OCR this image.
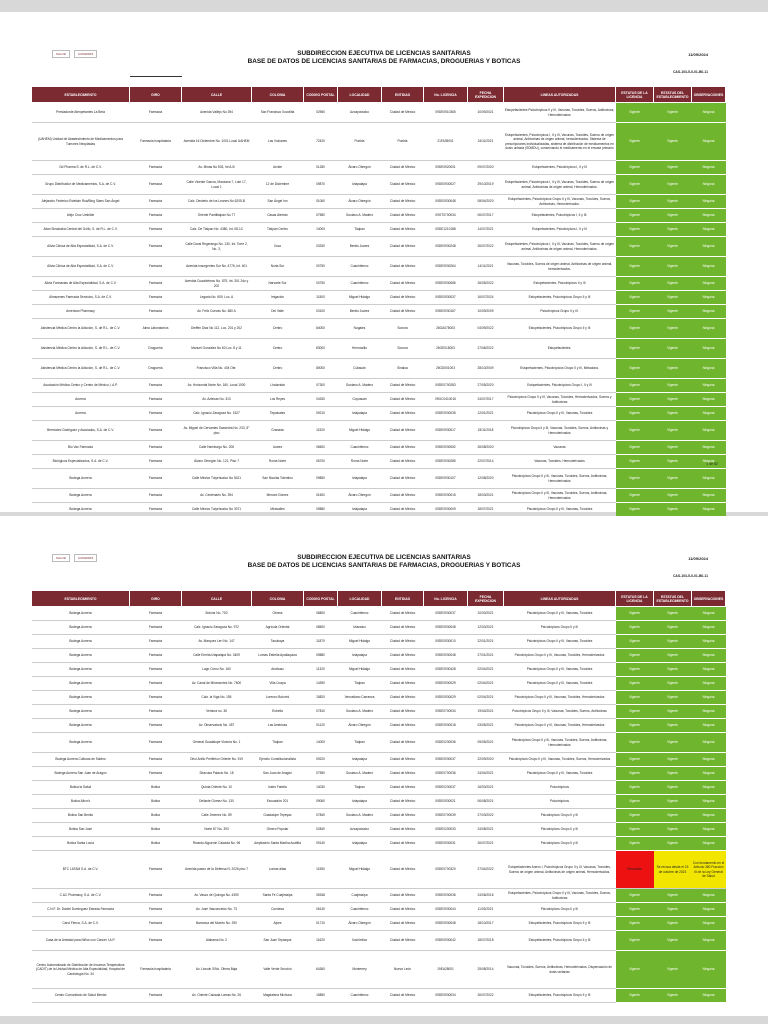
SALUD	COFEPRIS	SUBDIRECCION EJECUTIVA DE LICENCIAS SANITARIAS
BASE DE DATOS DE LICENCIAS SANITARIAS DE FARMACIAS, DROGUERIAS Y BOTICAS
11/09/2024
CAS-103-5-0-01-B0-11
ESTABLECIMIENTO	GIRO	CALLE	COLONIA	CODIGO POSTAL	LOCALIDAD	ENTIDAD	No. LICENCIA	FECHA EXPEDICION	LINEAS AUTORIZADAS	ESTATUS DE LA LICENCIA	ESTATUS DEL ESTABLECIMIENTO	OBSERVACIONES
Prestadorde Atenpetantes La Beta	Farmacia	Avenida Vallejo No 394	San Francisco Xocotitla	02960	Azcapotzalco	Ciudad de México	09DE0910365	10/09/2021	Estupefacientes Psicotrópicos II y III, Vacunas, Toxoides, Sueros, Antitoxinas, Hemoderivados	Vigente	Vigente	Ninguna
(UAHEM) Unidad de Abastecimiento de Medicamentos para Tumores Neoplasias	Farmacia hospitalaria	Avenida 16 Diciembre No. 1001 Local UAHEM	Las Vulcanes	72420	Puebla	Puebla	21FA35001	24/11/2021	Estupefacientes, Psicotrópicos I, II y III, Vacunas, Toxoides, Sueros de origen animal, Antitoxinas de origen animal, hemoderivados. Sistema de prescripciones individualizadas, sistema de distribución de medicamentos en dosis unitaria (SDMDU), conservando el medicamento en el envase primario	Vigente	Vigente	Ninguna
Gd Pharma S. de R.L. de C.V.	Farmacia	Av. Minas No 503, Int A-B	Arvide	01280	Álvaro Obregón	Ciudad de México	09DE0920001	09/07/2020	Estupefacientes, Psicotrópicos I, II y III	Vigente	Vigente	Ninguna
Grupo Distribuidor de Medicamentos, S.A. de C.V.	Farmacia	Calle Vicente García, Manzana 7, Lote 17, Local 1	12 de Diciembre	09870	Iztapalapa	Ciudad de México	09DE0930027	29/10/2019	Estupefacientes, Psicotrópicos I, II y III, Vacunas, Toxoides, Sueros de origen animal, Antitoxinas de origen animal, Hemoderivados.	Vigente	Vigente	Ninguna
Alejandro Federico Estebán Rua/Bing Siaes San Ángel	Farmacia	Calz. Desierto de los Leones No 6205-B	San Ángel Inn	01060	Álvaro Obregón	Ciudad de México	09DE0930048	08/04/2020	Estupefacientes, Psicotrópicos Grupo II y III, Vacunas, Toxoides, Sueros, Antitoxinas, Hemoderivados.	Vigente	Vigente	Ninguna
Alejo Cruz Umbilde	Farmacia	Oriente Pantitlalpan No 77	Casas Alemán	07580	Gustavo A. Madero	Ciudad de México	09GT0700034	06/07/2017	Estupefacientes, Psicotrópicos I, II y III.	Vigente	Vigente	Ninguna
Alian Sinaloaba Central del Golfo, S. de R.L. de C.V.	Farmacia	Calz. De Tlalpan No. 4380, Int. 08-1C	Tlalpán Centro	14000	Tlalpan	Ciudad de México	09DE1210188	14/07/2021	Estupefacientes, Psicotrópicos I, II y III	Vigente	Vigente	Ninguna
Alivia Clinica de Alta Especialidad, S.A. de C.V.	Farmacia	Calle Doral Regerango No. 130, Int. Torre 2, No. 3,	Xoco	03330	Benito Juárez	Ciudad de México	09DE0930248	26/07/2022	Estupefacientes, Psicotrópicos I, II y III, Vacunas, Toxoides, Sueros de origen animal, Antitoxinas de origen animal, Hemoderivados.	Vigente	Vigente	Ninguna
Alivia Clinica de Alta Especialidad, S.A. de C.V.	Farmacia	Avenida Insurgentes Sur No. 4776, Int. 401	Noria Sur	00750	Cuauhtémoc	Ciudad de México	09DE0930264	14/11/2021	Vacunas, Toxoides, Sueros de origen animal, Antitoxinas de origen animal, hemoderivados.	Vigente	Vigente	Ninguna
Alivia Farmacias de Alta Especialidad, S.A. de C.V.	Farmacia	Avenida Cuauhtémoc No. 875, Int. 301 2do y 202	Narvarte Sur	00750	Cuauhtémoc	Ciudad de México	09DE0930086	26/05/2022	Estupefacientes, Psicotrópicos II y III	Vigente	Vigente	Ninguna
Almacenes Farmacia Servicios, S.A. de C.V.	Farmacia	Legaria No. 609, Loc. A	Irrigación	11500	Miguel Hidalgo	Ciudad de México	09DE0930037	16/07/2024	Estupefacientes, Psicotrópicos Grupo II y III	Vigente	Vigente	Ninguna
American Pharmacy	Farmacia	Av. Felix Cuevas No. 680 A	Del Valle	03100	Benito Juárez	Ciudad de México	09DE0930167	10/09/2009	Psicotrópicos Grupo II y III.	Vigente	Vigente	Ninguna
Asistencia Médica Centro la Adicción, S. de R.L. de C.V.	Alma Laboratorios	Dieffen Diaz No 112, Loc. 201 y 202	Centro	84000	Nogales	Sonora	26GA078003	04/09/2022	Estupefacientes, Psicotrópicos Grupo II y III	Vigente	Vigente	Ninguna
Asistencia Médica Centro la Adicción, S. de R.L. de C.V.	Droguería	Manuel González No 60 Loc. 8 y 11	Centro	83000	Hermosillo	Sonora	26GE018003	27/06/2022	Estupefacientes.	Vigente	Vigente	Ninguna
Asistencia Médica Centro la Adicción, S. de R.L. de C.V.	Droguería	Francisco Villa No. 404 Ote.	Centro	80000	Culiacán	Sinaloa	25GD001003	28/10/2009	Estupefacientes, Psicotrópicos Grupo II y III, Metadona.	Vigente	Vigente	Ninguna
Asociación Médica Centro y Centro de México, I.A.P.	Farmacia	Av. Horizontal Norte No. 160, Local 1000	Lindavista	07300	Gustavo A. Madero	Ciudad de México	09DE0700283	27/05/2020	Estupefacientes, Psicotrópicos Grupo I, II y III	Vigente	Vigente	Ninguna
Aurrera	Farmacia	Av. Aztecas No. 313	Los Reyes	04330	Coyoacán	Ciudad de México	09GC0410016	24/07/2017	Psicotrópicos Grupo II y III, Vacunas, Toxoides, Hemoderivados, Sueros y Antitoxinas	Vigente	Vigente	Ninguna
Aurrera	Farmacia	Calz. Ignacio Zaragoza No. 1527	Tepalcates	09210	Iztapalapa	Ciudad de México	09DE0930035	12/01/2021	Psicotrópicos Grupo II y III, Vacunas, Toxoides	Vigente	Vigente	Ninguna
Bermúdez Dodriguez y Asociados, S.A. de C.V.	Farmacia	Av. Miguel de Cervantes Saavedra No. 233, 5° piso	Granada	11520	Miguel Hidalgo	Ciudad de México	09DE0930017	15/11/2018	Psicotrópicos Grupo II y III, Vacunas, Toxoides, Sueros, Antitoxinas y Hemoderivados	Vigente	Vigente	Ninguna
Bio Vac Farmacia	Farmacia	Calle Hamburgo No. 206	Juárez	06600	Cuauhtémoc	Ciudad de México	09DE0930052	26/08/2020	Vacunas	Vigente	Vigente	Ninguna
Biológicos Especializados, S.A. de C.V.	Farmacia	Álvaro Obregón No. 121, Piso 7	Roma Norte	06700	Roma Norte	Ciudad de México	09DE0930285	22/07/2014	Vacunas, Toxoides, Hemoderivados	Vigente	Vigente	Ninguna
Bodega Aurrera	Farmacia	Calle México Tulyehualco No 5421	San Nicolás Tolentino	09850	Iztapalapa	Ciudad de México	09DE0930107	12/08/2020	Psicotrópicos Grupo II y III, Vacunas, Toxoides, Sueros, Antitoxinas, Hemoderivados	Vigente	Vigente	Ninguna
Bodega Aurrera	Farmacia	Av. Centenario No. 394	Merced Gómez	01600	Álvaro Obregón	Ciudad de México	09DE0930015	18/03/2021	Psicotrópicos Grupo II y III, Vacunas, Toxoides, Sueros, Antitoxinas, Hemoderivados	Vigente	Vigente	Ninguna
Bodega Aurrera	Farmacia	Calle México Tulyehualco No 3071	Miravalles	09880	Iztapalapa	Ciudad de México	09DE0930009	18/07/2021	Psicotrópicos Grupo II y III, Vacunas, Toxoides	Vigente	Vigente	Ninguna

1 de 82
SALUD	COFEPRIS	SUBDIRECCION EJECUTIVA DE LICENCIAS SANITARIAS
BASE DE DATOS DE LICENCIAS SANITARIAS DE FARMACIAS, DROGUERIAS Y BOTICAS
11/09/2024
CAS-103-5-0-01-B0-11
ESTABLECIMIENTO	GIRO	CALLE	COLONIA	CODIGO POSTAL	LOCALIDAD	ENTIDAD	No. LICENCIA	FECHA EXPEDICION	LINEAS AUTORIZADAS	ESTATUS DE LA LICENCIA	ESTATUS DEL ESTABLECIMIENTO	OBSERVACIONES
Bodega Aurrera	Farmacia	Bolívar No. 700	Obrera	06800	Cuauhtémoc	Ciudad de México	09DE0930037	10/03/2021	Psicotrópicos Grupo II y III, Vacunas, Toxoides	Vigente	Vigente	Ninguna
Bodega Aurrera	Farmacia	Calz. Ignacio Zaragoza No. 972	Agrícola Oriental	08500	Iztacalco	Ciudad de México	09DE0930048	12/03/2021	Psicotrópicos Grupo II y III	Vigente	Vigente	Ninguna
Bodega Aurrera	Farmacia	Av. Marquez Lerí No. 147	Tacubaya	11870	Miguel Hidalgo	Ciudad de México	09DE0930010	22/01/2021	Psicotrópicos Grupo II y III, Vacunas, Toxoides	Vigente	Vigente	Ninguna
Bodega Aurrera	Farmacia	Calle Ermita Iztapalapa No. 3409	Lomas Estrella Apatlaquiza	09880	Iztapalapa	Ciudad de México	09DE0930048	27/01/2021	Psicotrópicos Grupo II y III, Vacunas, Toxoides, Hemoderivados	Vigente	Vigente	Ninguna
Bodega Aurrera	Farmacia	Lago Como No. 160	Anáhuac	11320	Miguel Hidalgo	Ciudad de México	09DE0930428	02/04/2021	Psicotrópicos Grupo II y III, Vacunas, Toxoides	Vigente	Vigente	Ninguna
Bodega Aurrera	Farmacia	Av. Canal de Miramontes No. 7600	Villa Coapa	14390	Tlalpan	Ciudad de México	09DE0930029	02/04/2021	Psicotrópicos Grupo II y III, Vacunas, Toxoides	Vigente	Vigente	Ninguna
Bodega Aurrera	Farmacia	Calz. la Viga No. 155	Lorenzo Boturini	15820	Venustiano Carranza	Ciudad de México	09DE0930029	02/04/2021	Psicotrópicos Grupo II y III, Vacunas, Toxoides, Hemoderivados	Vigente	Vigente	Ninguna
Bodega Aurrera	Farmacia	Ventura no. 36	Estrella	07810	Gustavo A. Madero	Ciudad de México	09DE0700034	19/04/2021	Psicotrópicos Grupo II y III, Vacunas, Toxoides, Sueros, Antitoxinas	Vigente	Vigente	Ninguna
Bodega Aurrera	Farmacia	Av. Observatorio No. 457	Las Américas	01120	Álvaro Obregón	Ciudad de México	09DE0930018	03/05/2021	Psicotrópicos Grupo II y III, Vacunas, Toxoides, Hemoderivados	Vigente	Vigente	Ninguna
Bodega Aurrera	Farmacia	General Guadalupe Victoria No. 1	Tlalpan	14000	Tlalpan	Ciudad de México	09DE0230036	05/05/2021	Psicotrópicos Grupo II y III, Vacunas, Toxoides, Sueros, Antitoxinas, Hemoderivados	Vigente	Vigente	Ninguna
Bodega Aurrera Culturas de Sabino	Farmacia	Oriol Anillo Periférico Oriente No. 919	Ejercito Constitucionalista	09220	Iztapalapa	Ciudad de México	09DE0930037	22/09/2020	Psicotrópicos Grupo II y III, Vacunas, Toxoides, Sueros, Hemoderivados	Vigente	Vigente	Ninguna
Bodega Aurrera San Juan de Aragón	Farmacia	Siracusa Palacio No. 18	San Juan de Aragón	07950	Gustavo A. Madero	Ciudad de México	09DE0700036	24/04/2021	Psicotrópicos Grupo II y III, Vacunas, Toxoides	Vigente	Vigente	Ninguna
Botica la Salud	Botica	Quinta Oriente No. 10	Isidro Fabela	14030	Tlalpan	Ciudad de México	09DE0230037	16/03/2021	Psicotrópicos	Vigente	Vigente	Ninguna
Botica Albor's	Botica	Deliacte Gómez No. 130	Escuadrón 201	09060	Iztapalapa	Ciudad de México	09DE0930021	06/08/2021	Psicotrópicos	Vigente	Vigente	Ninguna
Botica San Benito	Botica	Calle Jimenez No. 89	Guadalupe Tepeyac	07840	Gustavo A. Madero	Ciudad de México	09DE0700039	27/03/2022	Psicotrópicos Grupo II y III	Vigente	Vigente	Ninguna
Botica San José	Botica	Norte 87 No. 393	Obrero Popular	02840	Azcapotzalco	Ciudad de México	09DE0200033	24/08/2021	Psicotrópicos Grupo II y III	Vigente	Vigente	Ninguna
Botica Santa Lucía	Botica	Ricardo Alguerón Calzada No. 96	Ampliación Santa Martha Acatitla	09140	Iztapalapa	Ciudad de México	09DE0930031	26/07/2021	Psicotrópicos Grupo II y III	Vigente	Vigente	Ninguna
BTC LATAM S.A. de C.V.	Farmacia	Avenida paseo de la Defensa N. 2026 piso 7	Lomas altas	11950	Miguel Hidalgo	Ciudad de México	09DE0700320	27/04/2022	Estupefacientes Anexo I, Psicotrópicos Grupo II y III, Vacunas, Toxoides, Sueros de origen animal, Antitoxinas de origen animal, Hemoderivados.	Revocada	Se revoca desde el 15 de octubre de 2023	Con fundamento en el Artículo 380 Fracción III de la Ley General de Salud
C.&C Pharmacy, S.A. de C.V.	Farmacia	Av. Vasco de Quiroga No. 4390	Santa Fe Cuajimalpa	05348	Cuajimalpa	Ciudad de México	09DE0930036	24/06/2016	Estupefacientes, Psicotrópicos Grupo II y III, Vacunas, Toxoides, Sueros, Antitoxinas	Vigente	Vigente	Ninguna
C.N.F. Dr. Daniel Dominguez Estrada Farmacia	Farmacia	Av. José Vasconcelos No. 73	Condesa	06140	Cuauhtémoc	Ciudad de México	09DE0930044	11/03/2021	Psicotrópicos Grupo II y III	Vigente	Vigente	Ninguna
Carol Fierca, S.A. de C.V.	Farmacia	Barranca del Muerto No. 290	Alpes	01710	Álvaro Obregón	Ciudad de México	09DE0930048	18/10/2017	Estupefacientes, Psicotrópicos Grupo II y III	Vigente	Vigente	Ninguna
Casa de la Amistad para Niños con Cáncer I.A.P.	Farmacia	Alabama No. 2	San Juan Tepazque	11620	Xochimilco	Ciudad de México	09DE0930042	18/07/2018	Estupefacientes, Psicotrópicos Grupo II y III	Vigente	Vigente	Ninguna
Centro Automatizado de Distribución de Insumos Terapéuticos (CADIT) de la Unidad Médica de Alta Especialidad, Hospital de Cardiología No. 34	Farmacia hospitalaria	Av. Lincoln S/No. Obera Baja	Valle Verde Sección	64360	Monterrey	Nuevo León	19EA28001	25/08/2014	Vacunas, Toxoides, Sueros, Antitoxinas, Hemoderivados, Dispensación de dosis unitarias	Vigente	Vigente	Ninguna
Centro Comunitario de Salud Mental	Farmacia	Av. Oriente Calzada Lomas No. 26	Magdalena Mixhuca	15850	Cuauhtémoc	Ciudad de México	09DE0930034	26/07/2022	Estupefacientes, Psicotrópicos Grupo II y III	Vigente	Vigente	Ninguna
